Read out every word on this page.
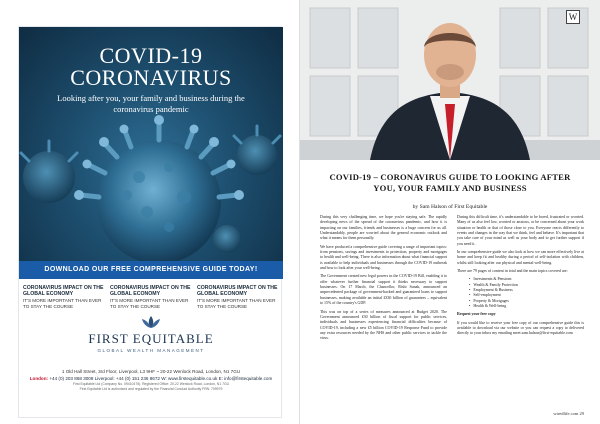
COVID-19
CORONAVIRUS
Looking after you, your family and business during the coronavirus pandemic
DOWNLOAD OUR FREE COMPREHENSIVE GUIDE TODAY!
CORONAVIRUS IMPACT ON THE GLOBAL ECONOMY
IT'S MORE IMPORTANT THAN EVER TO STAY THE COURSE
CORONAVIRUS IMPACT ON THE GLOBAL ECONOMY
IT'S MORE IMPORTANT THAN EVER TO STAY THE COURSE
CORONAVIRUS IMPACT ON THE GLOBAL ECONOMY
IT'S MORE IMPORTANT THAN EVER TO STAY THE COURSE
FIRST EQUITABLE
GLOBAL WEALTH MANAGEMENT
1 Old Hall Street, 3rd Floor, Liverpool, L3 9HF ~ 20-22 Wenlock Road, London, N1 7GU
London: +44 (0) 203 868 3008 Liverpool: +44 (0) 151 236 8672 W: www.firstequitable.co.uk E: info@firstequitable.com
First Equitable Ltd (Company No. 09410475). Registered Office: 20-22 Wenlock Road, London, N1 7GU
First Equitable Ltd is authorised and regulated by the Financial Conduct Authority FRN: 709979
W
COVID-19 – CORONAVIRUS GUIDE TO LOOKING AFTER YOU, YOUR FAMILY AND BUSINESS
by Sam Halson of First Equitable

During this very challenging time, we hope you're staying safe. The rapidly developing news of the spread of the coronavirus pandemic, and how it is impacting on our families, friends and businesses is a huge concern for us all. Understandably, people are worried about the general economic outlook and what it means for them personally.

We have produced a comprehensive guide covering a range of important topics: from pensions, savings and investments to protection, property and mortgages to health and well-being. There is also information about what financial support is available to help individuals and businesses through the COVID-19 outbreak and how to look after your well-being.

The Government created new legal powers in the COVID-19 Bill, enabling it to offer whatever further financial support it thinks necessary to support businesses. On 17 March, the Chancellor, Rishi Sunak, announced an unprecedented package of government-backed and guaranteed loans to support businesses, making available an initial £330 billion of guarantees – equivalent to 15% of the country's GDP.

This was on top of a series of measures announced at Budget 2020. The Government announced £30 billion of fiscal support for public services, individuals and businesses experiencing financial difficulties because of COVID-19, including a new £5 billion COVID-19 Response Fund to provide any extra resources needed by the NHS and other public services to tackle the virus.

During this difficult time, it's understandable to be bored, frustrated or worried. Many of us also feel low, worried or anxious, or be concerned about your work situation or health or that of those close to you. Everyone reacts differently to events and changes in the way that we think, feel and behave. It's important that you take care of your mind as well as your body and to get further support if you need it.

In our comprehensive guide we also look at how we can more effectively live at home and keep fit and healthy during a period of self-isolation with children, whilst still looking after our physical and mental well-being.

There are 79 pages of content in total and the main topics covered are:

• Investments & Pensions
• Wealth & Family Protection
• Employment & Business
• Self-employment
• Property & Mortgages
• Health & Well-being

Request your free copy

If you would like to receive your free copy of our comprehensive guide this is available to download via our website or you can request a copy to delivered directly to your inbox my emailing meet.sam.halson@first-equitable.com

wiredlife.com 29
